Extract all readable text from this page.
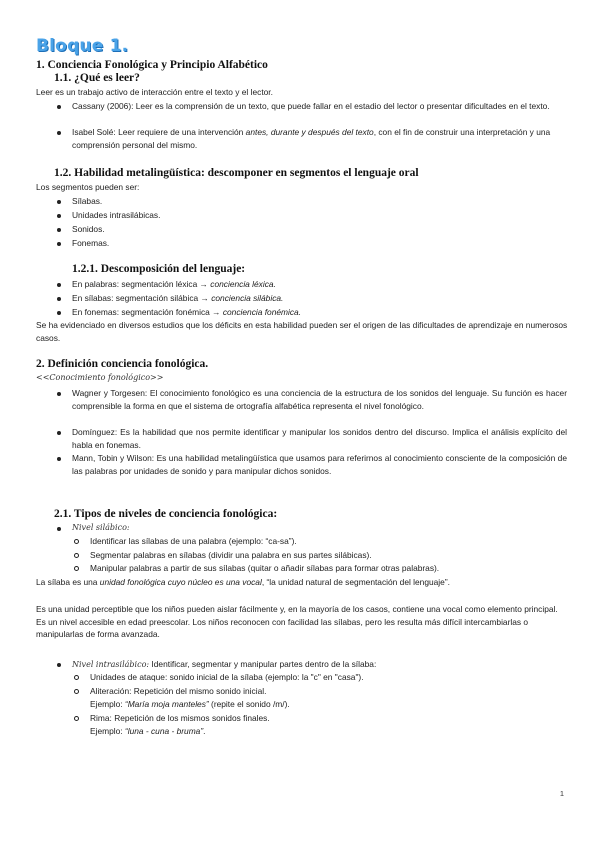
Bloque 1.
1. Conciencia Fonológica y Principio Alfabético
1.1. ¿Qué es leer?
Leer es un trabajo activo de interacción entre el texto y el lector.
Cassany (2006): Leer es la comprensión de un texto, que puede fallar en el estadio del lector o presentar dificultades en el texto.
Isabel Solé: Leer requiere de una intervención antes, durante y después del texto, con el fin de construir una interpretación y una comprensión personal del mismo.
1.2. Habilidad metalingüística: descomponer en segmentos el lenguaje oral
Los segmentos pueden ser:
Sílabas.
Unidades intrasilábicas.
Sonidos.
Fonemas.
1.2.1. Descomposición del lenguaje:
En palabras: segmentación léxica → conciencia léxica.
En sílabas: segmentación silábica → conciencia silábica.
En fonemas: segmentación fonémica → conciencia fonémica.
Se ha evidenciado en diversos estudios que los déficits en esta habilidad pueden ser el origen de las dificultades de aprendizaje en numerosos casos.
2. Definición conciencia fonológica.
<<Conocimiento fonológico>>
Wagner y Torgesen: El conocimiento fonológico es una conciencia de la estructura de los sonidos del lenguaje. Su función es hacer comprensible la forma en que el sistema de ortografía alfabética representa el nivel fonológico.
Domínguez: Es la habilidad que nos permite identificar y manipular los sonidos dentro del discurso. Implica el análisis explícito del habla en fonemas.
Mann, Tobin y Wilson: Es una habilidad metalingüística que usamos para referirnos al conocimiento consciente de la composición de las palabras por unidades de sonido y para manipular dichos sonidos.
2.1. Tipos de niveles de conciencia fonológica:
Nivel silábico:
Identificar las sílabas de una palabra (ejemplo: “ca-sa”).
Segmentar palabras en sílabas (dividir una palabra en sus partes silábicas).
Manipular palabras a partir de sus sílabas (quitar o añadir sílabas para formar otras palabras).
La sílaba es una unidad fonológica cuyo núcleo es una vocal, “la unidad natural de segmentación del lenguaje”.
Es una unidad perceptible que los niños pueden aislar fácilmente y, en la mayoría de los casos, contiene una vocal como elemento principal. Es un nivel accesible en edad preescolar. Los niños reconocen con facilidad las sílabas, pero les resulta más difícil intercambiarlas o manipularlas de forma avanzada.
Nivel intrasilábico: Identificar, segmentar y manipular partes dentro de la sílaba:
Unidades de ataque: sonido inicial de la sílaba (ejemplo: la "c" en "casa").
Aliteración: Repetición del mismo sonido inicial.
Ejemplo: “María moja manteles” (repite el sonido /m/).
Rima: Repetición de los mismos sonidos finales.
Ejemplo: “luna - cuna - bruma”.
1
